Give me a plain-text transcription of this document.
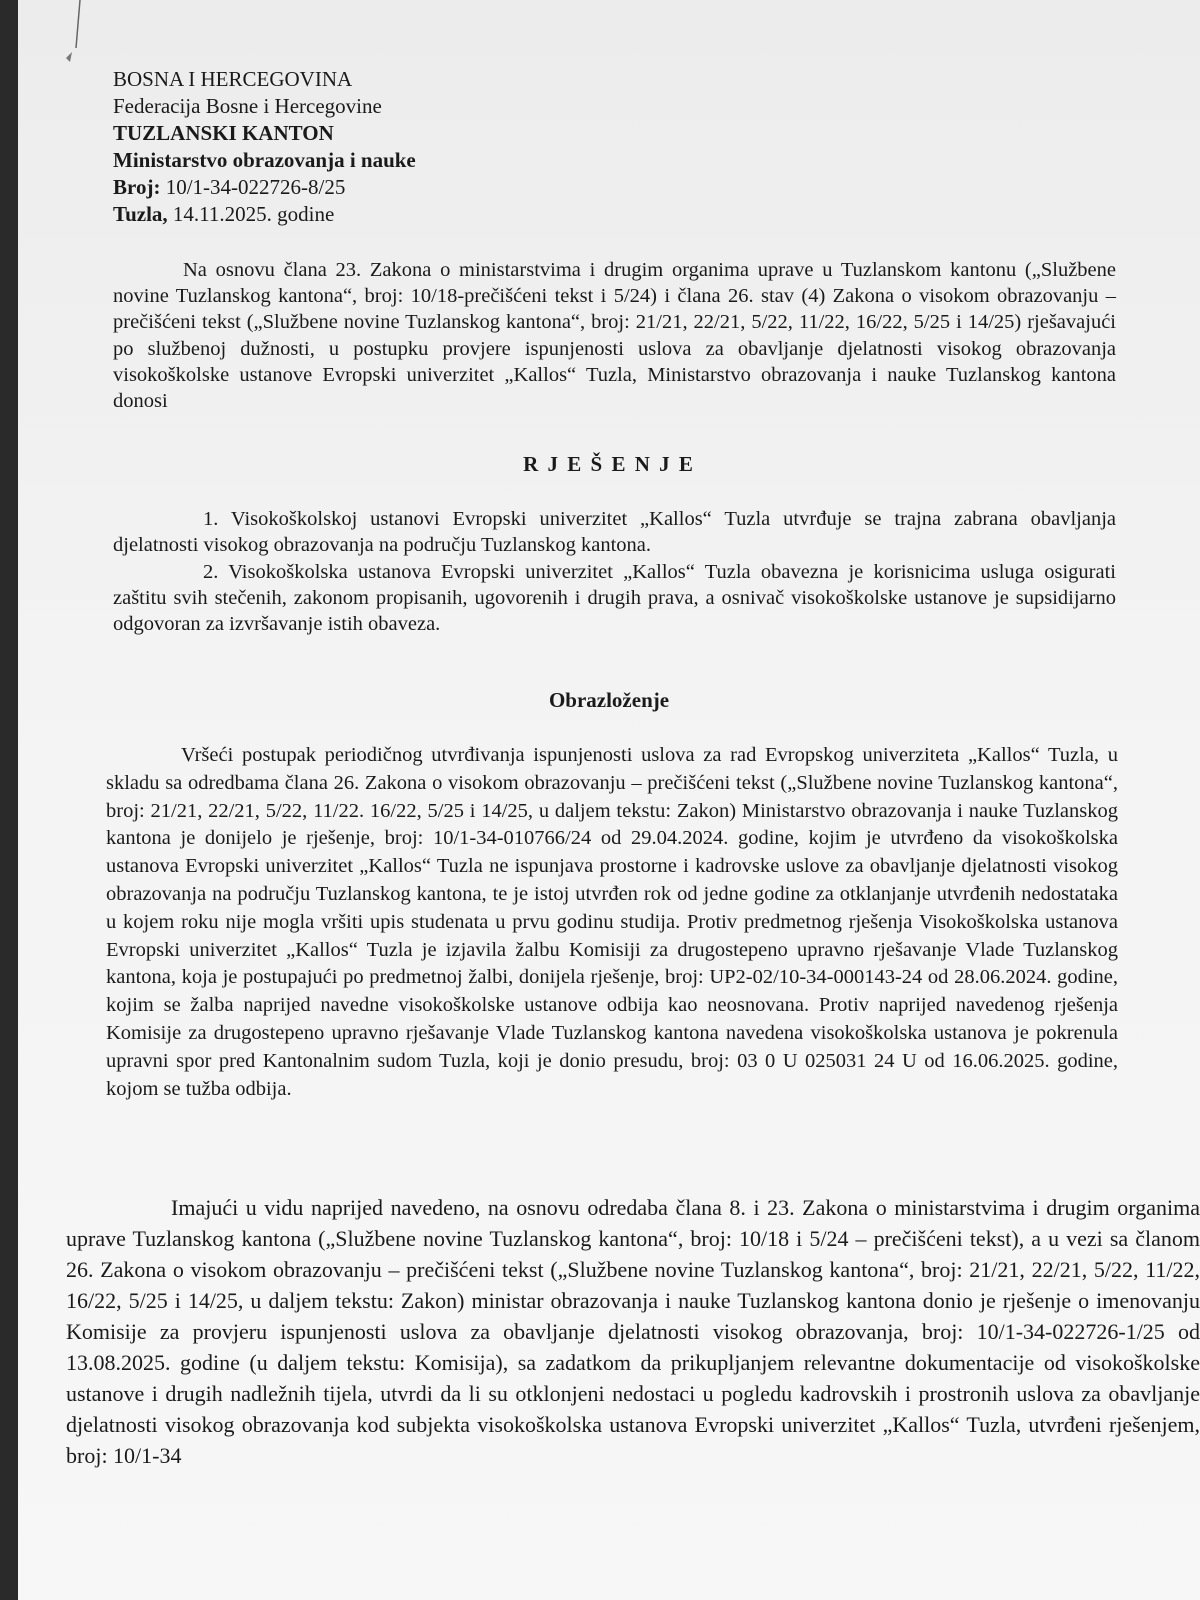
BOSNA I HERCEGOVINA
Federacija Bosne i Hercegovine
TUZLANSKI KANTON
Ministarstvo obrazovanja i nauke
Broj: 10/1-34-022726-8/25
Tuzla, 14.11.2025. godine
Na osnovu člana 23. Zakona o ministarstvima i drugim organima uprave u Tuzlanskom kantonu („Službene novine Tuzlanskog kantona“, broj: 10/18-prečišćeni tekst i 5/24) i člana 26. stav (4) Zakona o visokom obrazovanju – prečišćeni tekst („Službene novine Tuzlanskog kantona“, broj: 21/21, 22/21, 5/22, 11/22, 16/22, 5/25 i 14/25) rješavajući po službenoj dužnosti, u postupku provjere ispunjenosti uslova za obavljanje djelatnosti visokog obrazovanja visokoškolske ustanove Evropski univerzitet „Kallos“ Tuzla, Ministarstvo obrazovanja i nauke Tuzlanskog kantona donosi
R J E Š E N J E
1. Visokoškolskoj ustanovi Evropski univerzitet „Kallos“ Tuzla utvrđuje se trajna zabrana obavljanja djelatnosti visokog obrazovanja na području Tuzlanskog kantona.
2. Visokoškolska ustanova Evropski univerzitet „Kallos“ Tuzla obavezna je korisnicima usluga osigurati zaštitu svih stečenih, zakonom propisanih, ugovorenih i drugih prava, a osnivač visokoškolske ustanove je supsidijarno odgovoran za izvršavanje istih obaveza.
Obrazloženje
Vršeći postupak periodičnog utvrđivanja ispunjenosti uslova za rad Evropskog univerziteta „Kallos“ Tuzla, u skladu sa odredbama člana 26. Zakona o visokom obrazovanju – prečišćeni tekst („Službene novine Tuzlanskog kantona“, broj: 21/21, 22/21, 5/22, 11/22. 16/22, 5/25 i 14/25, u daljem tekstu: Zakon) Ministarstvo obrazovanja i nauke Tuzlanskog kantona je donijelo je rješenje, broj: 10/1-34-010766/24 od 29.04.2024. godine, kojim je utvrđeno da visokoškolska ustanova Evropski univerzitet „Kallos“ Tuzla ne ispunjava prostorne i kadrovske uslove za obavljanje djelatnosti visokog obrazovanja na području Tuzlanskog kantona, te je istoj utvrđen rok od jedne godine za otklanjanje utvrđenih nedostataka u kojem roku nije mogla vršiti upis studenata u prvu godinu studija. Protiv predmetnog rješenja Visokoškolska ustanova Evropski univerzitet „Kallos“ Tuzla je izjavila žalbu Komisiji za drugostepeno upravno rješavanje Vlade Tuzlanskog kantona, koja je postupajući po predmetnoj žalbi, donijela rješenje, broj: UP2-02/10-34-000143-24 od 28.06.2024. godine, kojim se žalba naprijed navedne visokoškolske ustanove odbija kao neosnovana. Protiv naprijed navedenog rješenja Komisije za drugostepeno upravno rješavanje Vlade Tuzlanskog kantona navedena visokoškolska ustanova je pokrenula upravni spor pred Kantonalnim sudom Tuzla, koji je donio presudu, broj: 03 0 U 025031 24 U od 16.06.2025. godine, kojom se tužba odbija.
Imajući u vidu naprijed navedeno, na osnovu odredaba člana 8. i 23. Zakona o ministarstvima i drugim organima uprave Tuzlanskog kantona („Službene novine Tuzlanskog kantona“, broj: 10/18 i 5/24 – prečišćeni tekst), a u vezi sa članom 26. Zakona o visokom obrazovanju – prečišćeni tekst („Službene novine Tuzlanskog kantona“, broj: 21/21, 22/21, 5/22, 11/22, 16/22, 5/25 i 14/25, u daljem tekstu: Zakon) ministar obrazovanja i nauke Tuzlanskog kantona donio je rješenje o imenovanju Komisije za provjeru ispunjenosti uslova za obavljanje djelatnosti visokog obrazovanja, broj: 10/1-34-022726-1/25 od 13.08.2025. godine (u daljem tekstu: Komisija), sa zadatkom da prikupljanjem relevantne dokumentacije od visokoškolske ustanove i drugih nadležnih tijela, utvrdi da li su otklonjeni nedostaci u pogledu kadrovskih i prostronih uslova za obavljanje djelatnosti visokog obrazovanja kod subjekta visokoškolska ustanova Evropski univerzitet „Kallos“ Tuzla, utvrđeni rješenjem, broj: 10/1-34
